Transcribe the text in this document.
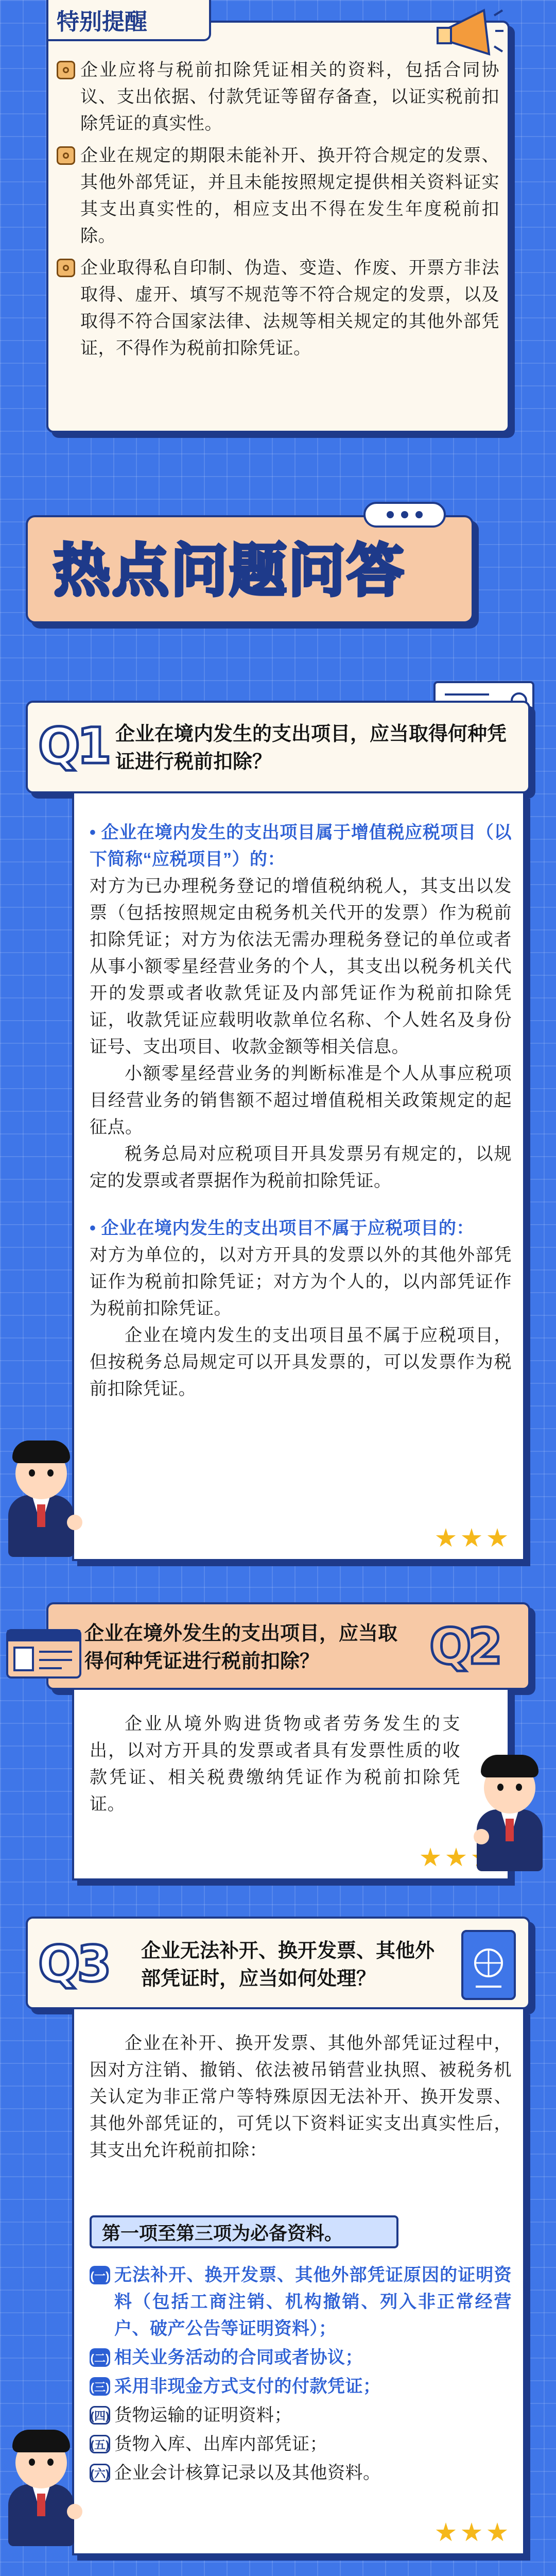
特别提醒
企业应将与税前扣除凭证相关的资料，包括合同协议、支出依据、付款凭证等留存备查，以证实税前扣除凭证的真实性。
企业在规定的期限未能补开、换开符合规定的发票、其他外部凭证，并且未能按照规定提供相关资料证实其支出真实性的，相应支出不得在发生年度税前扣除。
企业取得私自印制、伪造、变造、作废、开票方非法取得、虚开、填写不规范等不符合规定的发票，以及取得不符合国家法律、法规等相关规定的其他外部凭证，不得作为税前扣除凭证。
热点问题问答
Q1 企业在境内发生的支出项目，应当取得何种凭证进行税前扣除？

• 企业在境内发生的支出项目属于增值税应税项目（以下简称“应税项目”）的：

对方为已办理税务登记的增值税纳税人，其支出以发票（包括按照规定由税务机关代开的发票）作为税前扣除凭证；对方为依法无需办理税务登记的单位或者从事小额零星经营业务的个人，其支出以税务机关代开的发票或者收款凭证及内部凭证作为税前扣除凭证，收款凭证应载明收款单位名称、个人姓名及身份证号、支出项目、收款金额等相关信息。

小额零星经营业务的判断标准是个人从事应税项目经营业务的销售额不超过增值税相关政策规定的起征点。

税务总局对应税项目开具发票另有规定的，以规定的发票或者票据作为税前扣除凭证。

• 企业在境内发生的支出项目不属于应税项目的：

对方为单位的，以对方开具的发票以外的其他外部凭证作为税前扣除凭证；对方为个人的，以内部凭证作为税前扣除凭证。

企业在境内发生的支出项目虽不属于应税项目，但按税务总局规定可以开具发票的，可以发票作为税前扣除凭证。

企业在境外发生的支出项目，应当取得何种凭证进行税前扣除？	Q2

企业从境外购进货物或者劳务发生的支出，以对方开具的发票或者具有发票性质的收款凭证、相关税费缴纳凭证作为税前扣除凭证。

Q3 企业无法补开、换开发票、其他外部凭证时，应当如何处理？

企业在补开、换开发票、其他外部凭证过程中，因对方注销、撤销、依法被吊销营业执照、被税务机关认定为非正常户等特殊原因无法补开、换开发票、其他外部凭证的，可凭以下资料证实支出真实性后，其支出允许税前扣除：

第一项至第三项为必备资料。
(一) 无法补开、换开发票、其他外部凭证原因的证明资料（包括工商注销、机构撤销、列入非正常经营户、破产公告等证明资料）；
(二) 相关业务活动的合同或者协议；
(三) 采用非现金方式支付的付款凭证；
(四) 货物运输的证明资料；
(五) 货物入库、出库内部凭证；
(六) 企业会计核算记录以及其他资料。
